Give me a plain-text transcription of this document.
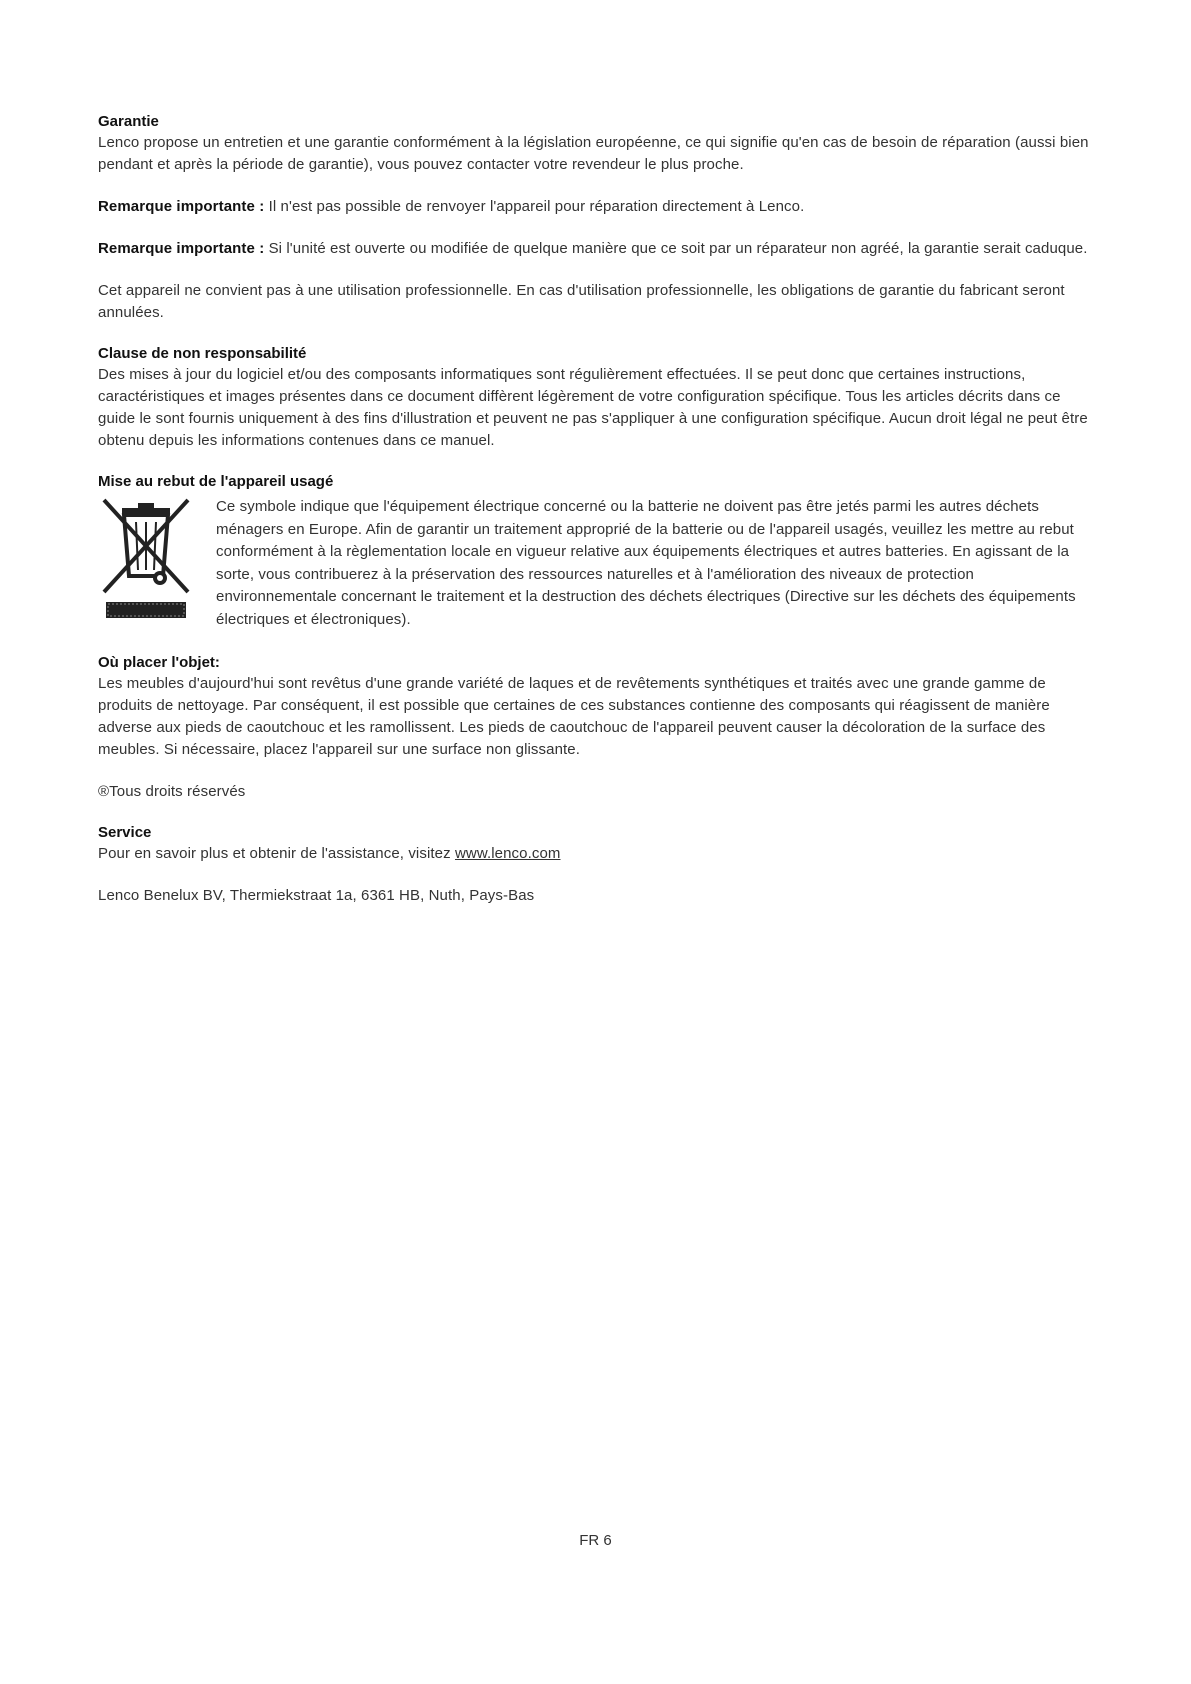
Garantie

Lenco propose un entretien et une garantie conformément à la législation européenne, ce qui signifie qu'en cas de besoin de réparation (aussi bien pendant et après la période de garantie), vous pouvez contacter votre revendeur le plus proche.

Remarque importante : Il n'est pas possible de renvoyer l'appareil pour réparation directement à Lenco.

Remarque importante : Si l'unité est ouverte ou modifiée de quelque manière que ce soit par un réparateur non agréé, la garantie serait caduque.

Cet appareil ne convient pas à une utilisation professionnelle. En cas d'utilisation professionnelle, les obligations de garantie du fabricant seront annulées.

Clause de non responsabilité

Des mises à jour du logiciel et/ou des composants informatiques sont régulièrement effectuées. Il se peut donc que certaines instructions, caractéristiques et images présentes dans ce document diffèrent légèrement de votre configuration spécifique. Tous les articles décrits dans ce guide le sont fournis uniquement à des fins d'illustration et peuvent ne pas s'appliquer à une configuration spécifique. Aucun droit légal ne peut être obtenu depuis les informations contenues dans ce manuel.

Mise au rebut de l'appareil usagé

Ce symbole indique que l'équipement électrique concerné ou la batterie ne doivent pas être jetés parmi les autres déchets ménagers en Europe. Afin de garantir un traitement approprié de la batterie ou de l'appareil usagés, veuillez les mettre au rebut conformément à la règlementation locale en vigueur relative aux équipements électriques et autres batteries. En agissant de la sorte, vous contribuerez à la préservation des ressources naturelles et à l'amélioration des niveaux de protection environnementale concernant le traitement et la destruction des déchets électriques (Directive sur les déchets des équipements électriques et électroniques).

Où placer l'objet:

Les meubles d'aujourd'hui sont revêtus d'une grande variété de laques et de revêtements synthétiques et traités avec une grande gamme de produits de nettoyage. Par conséquent, il est possible que certaines de ces substances contienne des composants qui réagissent de manière adverse aux pieds de caoutchouc et les ramollissent. Les pieds de caoutchouc de l'appareil peuvent causer la décoloration de la surface des meubles. Si nécessaire, placez l'appareil sur une surface non glissante.

®Tous droits réservés

Service

Pour en savoir plus et obtenir de l'assistance, visitez www.lenco.com

Lenco Benelux BV, Thermiekstraat 1a, 6361 HB, Nuth, Pays-Bas

FR 6
